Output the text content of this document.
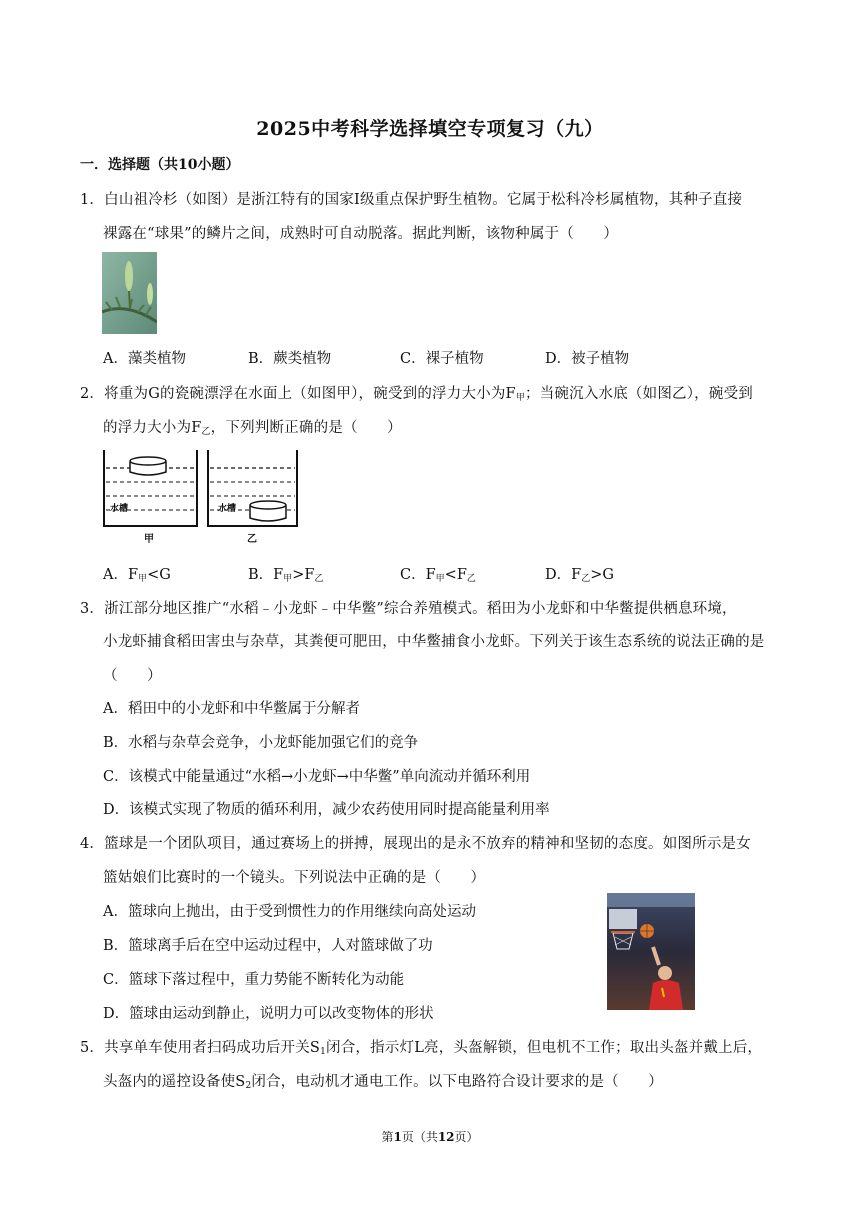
2025中考科学选择填空专项复习（九）
一．选择题（共10小题）
1．白山祖冷杉（如图）是浙江特有的国家Ⅰ级重点保护野生植物。它属于松科冷杉属植物，其种子直接
裸露在“球果”的鳞片之间，成熟时可自动脱落。据此判断，该物种属于（　　）
A．藻类植物	B．蕨类植物	C．裸子植物	D．被子植物
2．将重为G的瓷碗漂浮在水面上（如图甲），碗受到的浮力大小为$F_甲$；当碗沉入水底（如图乙），碗受到
的浮力大小为$F_乙$，下列判断正确的是（　　）
水槽	水槽
甲	乙
A．$F_甲<G$	B．$F_甲>F_乙$	C．$F_甲<F_乙$	D．$F_乙>G$
3．浙江部分地区推广“水稻﹣小龙虾﹣中华鳖”综合养殖模式。稻田为小龙虾和中华鳖提供栖息环境，
小龙虾捕食稻田害虫与杂草，其粪便可肥田，中华鳖捕食小龙虾。下列关于该生态系统的说法正确的是
（　　）
A．稻田中的小龙虾和中华鳖属于分解者
B．水稻与杂草会竞争，小龙虾能加强它们的竞争
C．该模式中能量通过“水稻→小龙虾→中华鳖”单向流动并循环利用
D．该模式实现了物质的循环利用，减少农药使用同时提高能量利用率
4．篮球是一个团队项目，通过赛场上的拼搏，展现出的是永不放弃的精神和坚韧的态度。如图所示是女
篮姑娘们比赛时的一个镜头。下列说法中正确的是（　　）
A．篮球向上抛出，由于受到惯性力的作用继续向高处运动
B．篮球离手后在空中运动过程中，人对篮球做了功
C．篮球下落过程中，重力势能不断转化为动能
D．篮球由运动到静止，说明力可以改变物体的形状
5．共享单车使用者扫码成功后开关$S_1$闭合，指示灯L亮，头盔解锁，但电机不工作；取出头盔并戴上后，
头盔内的遥控设备使$S_2$闭合，电动机才通电工作。以下电路符合设计要求的是（　　）
第1页（共12页）
